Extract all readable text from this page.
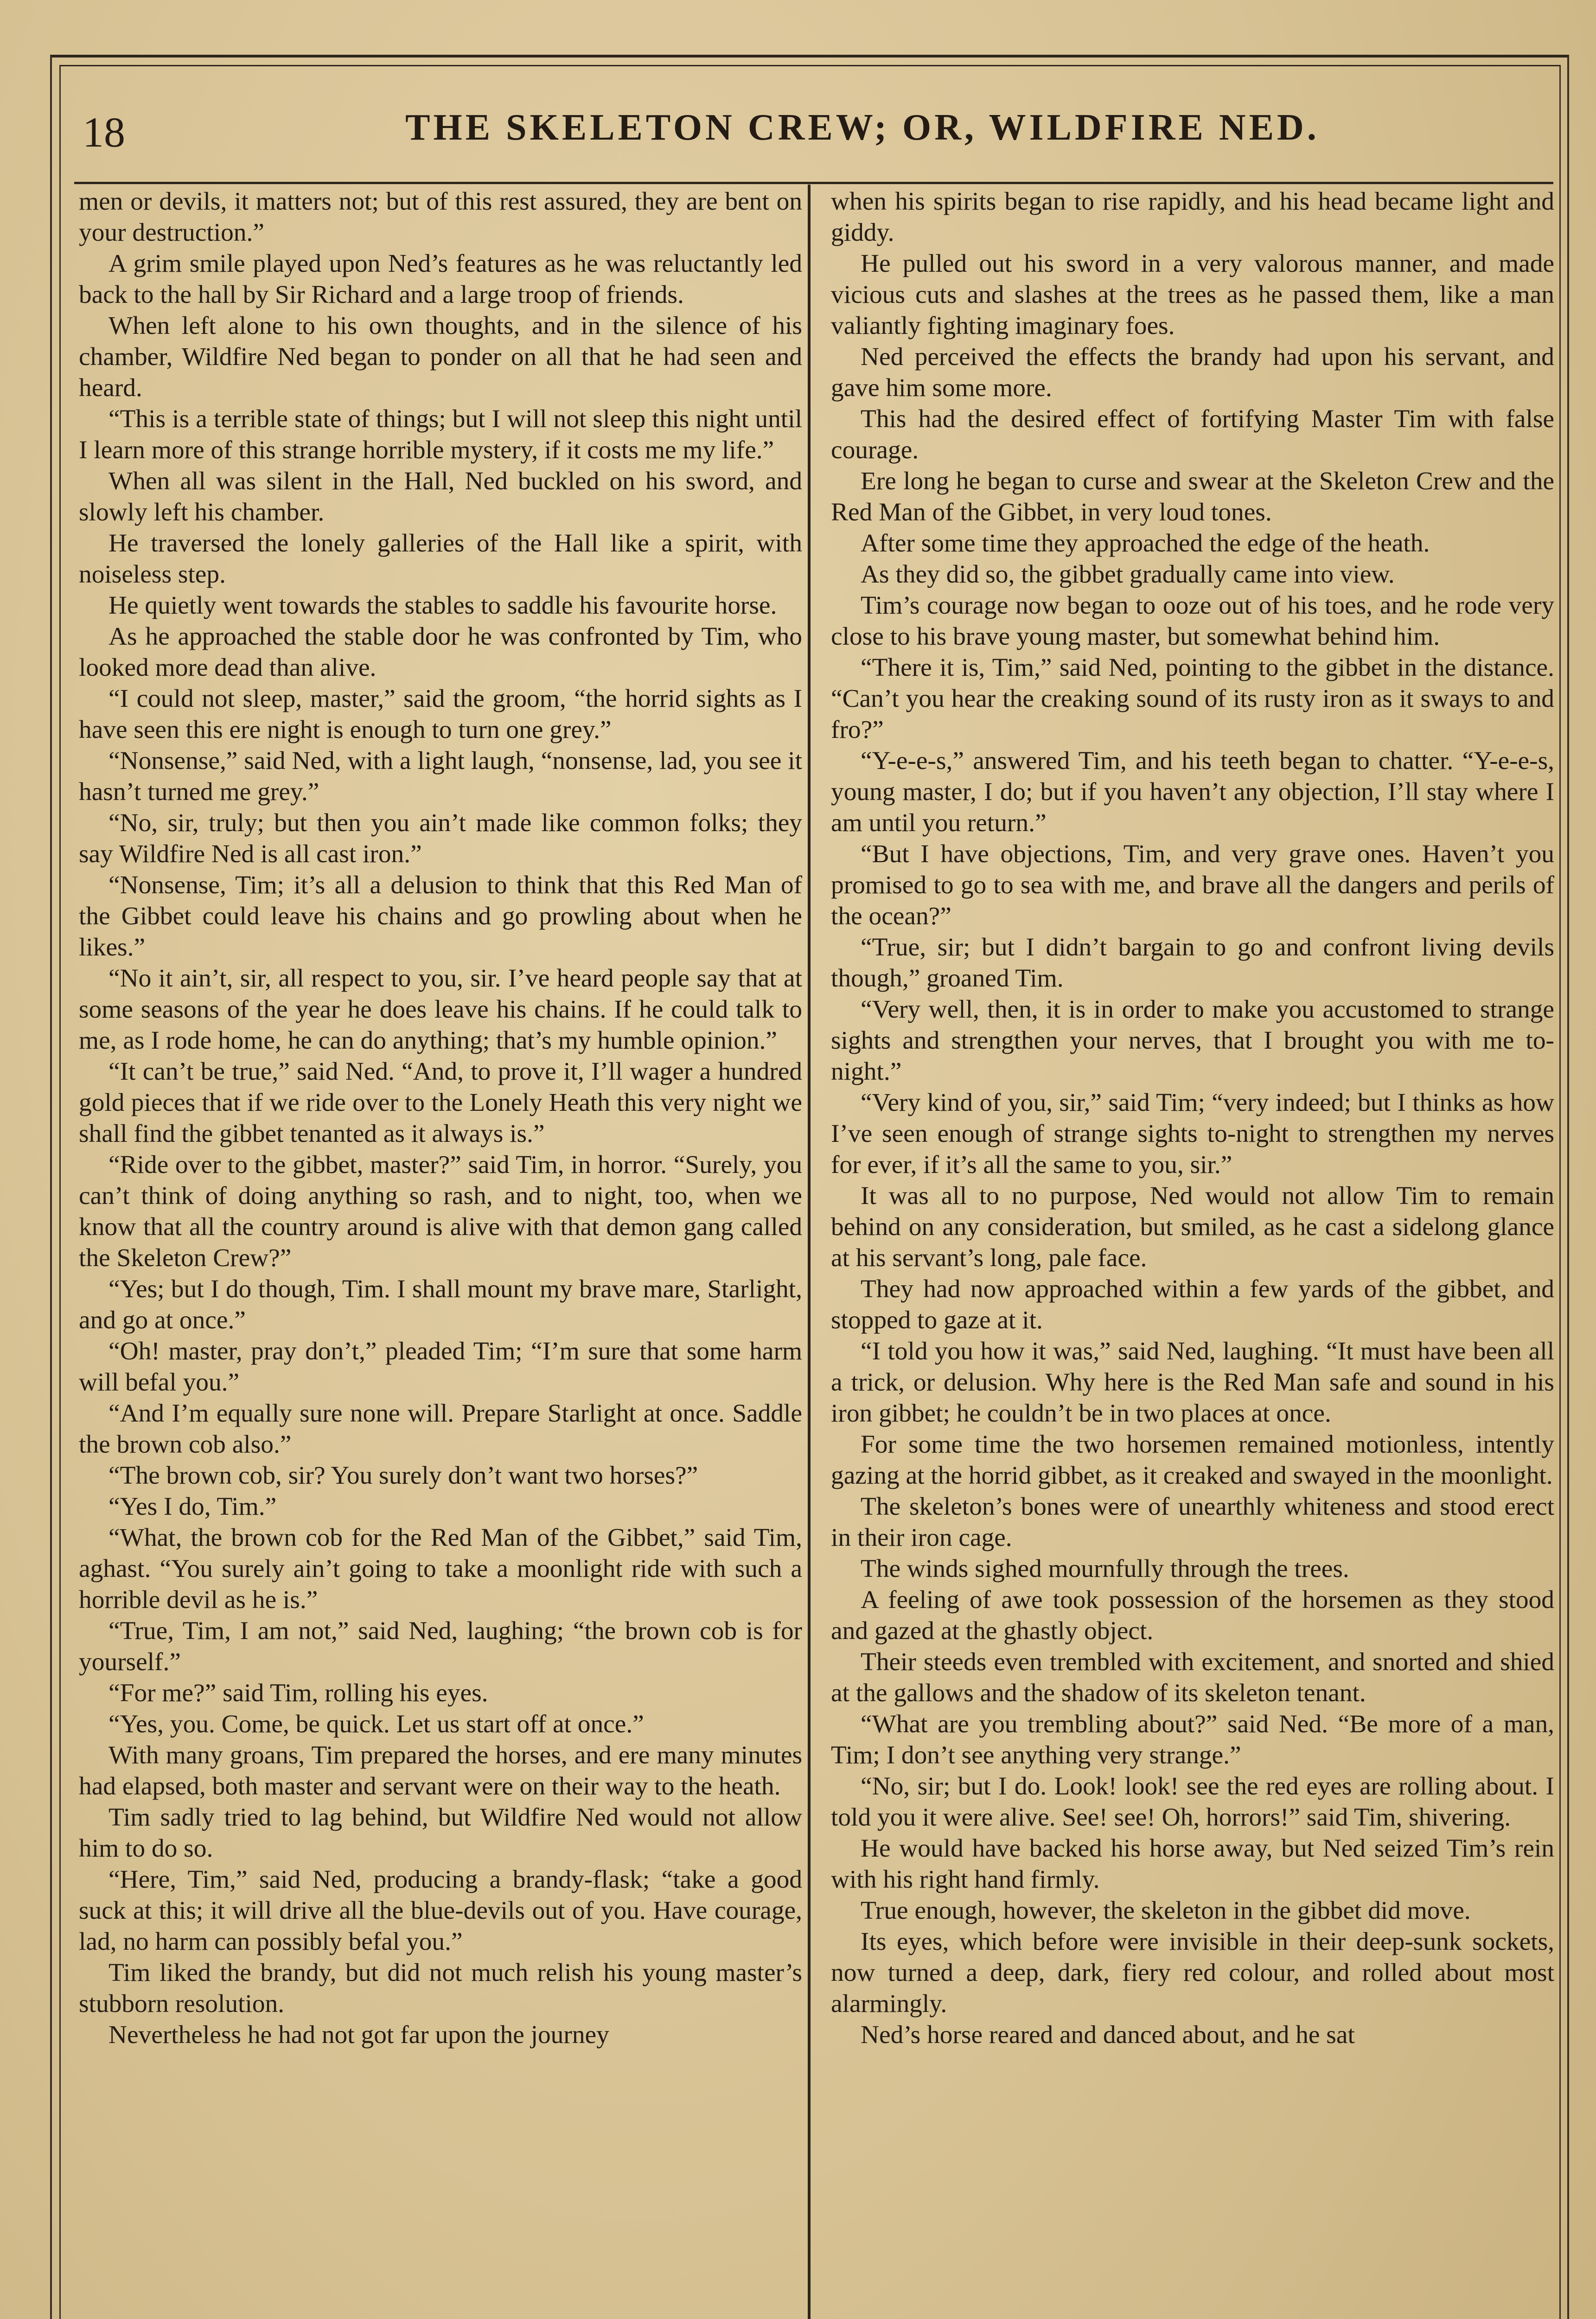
18	THE SKELETON CREW; OR, WILDFIRE NED.

men or devils, it matters not; but of this rest assured, they are bent on your destruction.”

A grim smile played upon Ned’s features as he was reluctantly led back to the hall by Sir Richard and a large troop of friends.

When left alone to his own thoughts, and in the silence of his chamber, Wildfire Ned began to ponder on all that he had seen and heard.

“This is a terrible state of things; but I will not sleep this night until I learn more of this strange horrible mystery, if it costs me my life.”

When all was silent in the Hall, Ned buckled on his sword, and slowly left his chamber.

He traversed the lonely galleries of the Hall like a spirit, with noiseless step.

He quietly went towards the stables to saddle his favourite horse.

As he approached the stable door he was confronted by Tim, who looked more dead than alive.

“I could not sleep, master,” said the groom, “the horrid sights as I have seen this ere night is enough to turn one grey.”

“Nonsense,” said Ned, with a light laugh, “nonsense, lad, you see it hasn’t turned me grey.”

“No, sir, truly; but then you ain’t made like common folks; they say Wildfire Ned is all cast iron.”

“Nonsense, Tim; it’s all a delusion to think that this Red Man of the Gibbet could leave his chains and go prowling about when he likes.”

“No it ain’t, sir, all respect to you, sir. I’ve heard people say that at some seasons of the year he does leave his chains. If he could talk to me, as I rode home, he can do anything; that’s my humble opinion.”

“It can’t be true,” said Ned. “And, to prove it, I’ll wager a hundred gold pieces that if we ride over to the Lonely Heath this very night we shall find the gibbet tenanted as it always is.”

“Ride over to the gibbet, master?” said Tim, in horror. “Surely, you can’t think of doing anything so rash, and to night, too, when we know that all the country around is alive with that demon gang called the Skeleton Crew?”

“Yes; but I do though, Tim. I shall mount my brave mare, Starlight, and go at once.”

“Oh! master, pray don’t,” pleaded Tim; “I’m sure that some harm will befal you.”

“And I’m equally sure none will. Prepare Starlight at once. Saddle the brown cob also.”

“The brown cob, sir? You surely don’t want two horses?”

“Yes I do, Tim.”

“What, the brown cob for the Red Man of the Gibbet,” said Tim, aghast. “You surely ain’t going to take a moonlight ride with such a horrible devil as he is.”

“True, Tim, I am not,” said Ned, laughing; “the brown cob is for yourself.”

“For me?” said Tim, rolling his eyes.

“Yes, you. Come, be quick. Let us start off at once.”

With many groans, Tim prepared the horses, and ere many minutes had elapsed, both master and servant were on their way to the heath.

Tim sadly tried to lag behind, but Wildfire Ned would not allow him to do so.

“Here, Tim,” said Ned, producing a brandy-flask; “take a good suck at this; it will drive all the blue-devils out of you. Have courage, lad, no harm can possibly befal you.”

Tim liked the brandy, but did not much relish his young master’s stubborn resolution.

Nevertheless he had not got far upon the journey

when his spirits began to rise rapidly, and his head became light and giddy.

He pulled out his sword in a very valorous manner, and made vicious cuts and slashes at the trees as he passed them, like a man valiantly fighting imaginary foes.

Ned perceived the effects the brandy had upon his servant, and gave him some more.

This had the desired effect of fortifying Master Tim with false courage.

Ere long he began to curse and swear at the Skeleton Crew and the Red Man of the Gibbet, in very loud tones.

After some time they approached the edge of the heath.

As they did so, the gibbet gradually came into view.

Tim’s courage now began to ooze out of his toes, and he rode very close to his brave young master, but somewhat behind him.

“There it is, Tim,” said Ned, pointing to the gibbet in the distance. “Can’t you hear the creaking sound of its rusty iron as it sways to and fro?”

“Y-e-e-s,” answered Tim, and his teeth began to chatter. “Y-e-e-s, young master, I do; but if you haven’t any objection, I’ll stay where I am until you return.”

“But I have objections, Tim, and very grave ones. Haven’t you promised to go to sea with me, and brave all the dangers and perils of the ocean?”

“True, sir; but I didn’t bargain to go and confront living devils though,” groaned Tim.

“Very well, then, it is in order to make you accustomed to strange sights and strengthen your nerves, that I brought you with me to-night.”

“Very kind of you, sir,” said Tim; “very indeed; but I thinks as how I’ve seen enough of strange sights to-night to strengthen my nerves for ever, if it’s all the same to you, sir.”

It was all to no purpose, Ned would not allow Tim to remain behind on any consideration, but smiled, as he cast a sidelong glance at his servant’s long, pale face.

They had now approached within a few yards of the gibbet, and stopped to gaze at it.

“I told you how it was,” said Ned, laughing. “It must have been all a trick, or delusion. Why here is the Red Man safe and sound in his iron gibbet; he couldn’t be in two places at once.

For some time the two horsemen remained motionless, intently gazing at the horrid gibbet, as it creaked and swayed in the moonlight.

The skeleton’s bones were of unearthly whiteness and stood erect in their iron cage.

The winds sighed mournfully through the trees.

A feeling of awe took possession of the horsemen as they stood and gazed at the ghastly object.

Their steeds even trembled with excitement, and snorted and shied at the gallows and the shadow of its skeleton tenant.

“What are you trembling about?” said Ned. “Be more of a man, Tim; I don’t see anything very strange.”

“No, sir; but I do. Look! look! see the red eyes are rolling about. I told you it were alive. See! see! Oh, horrors!” said Tim, shivering.

He would have backed his horse away, but Ned seized Tim’s rein with his right hand firmly.

True enough, however, the skeleton in the gibbet did move.

Its eyes, which before were invisible in their deep-sunk sockets, now turned a deep, dark, fiery red colour, and rolled about most alarmingly.

Ned’s horse reared and danced about, and he sat
